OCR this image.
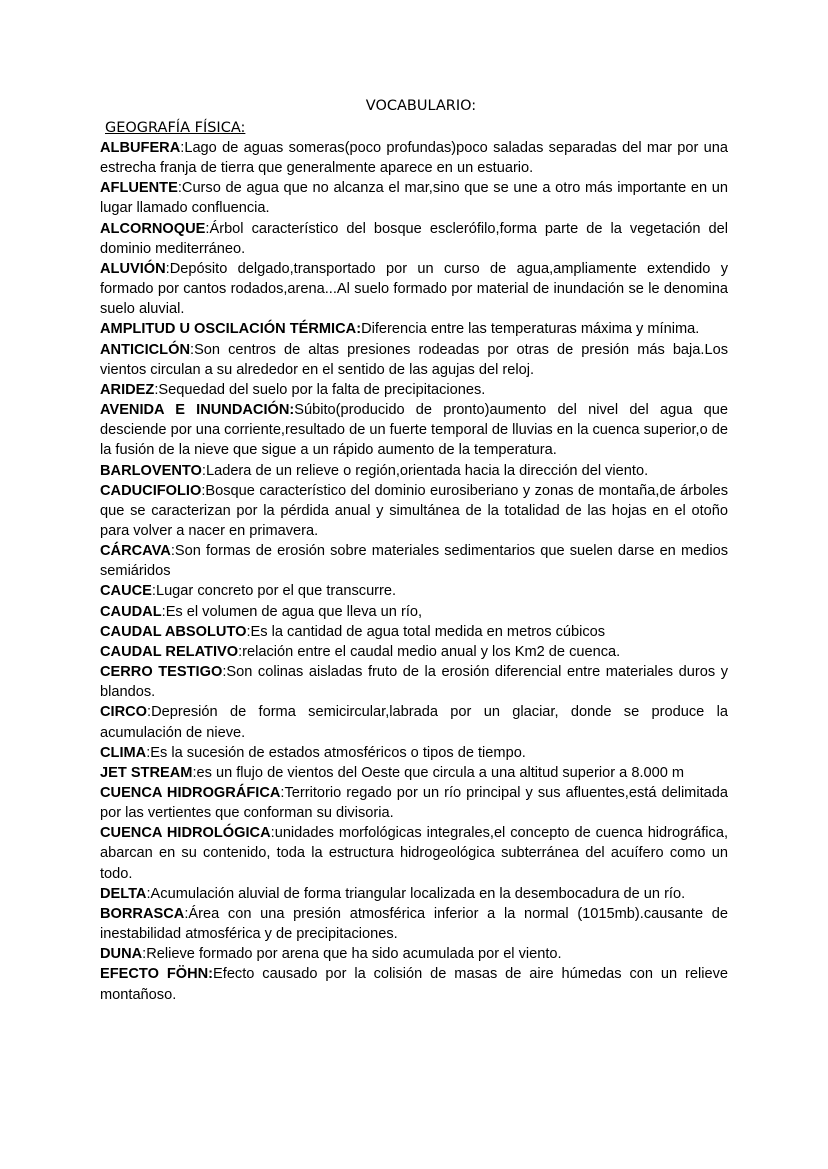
VOCABULARIO:
GEOGRAFÍA FÍSICA:
ALBUFERA:Lago de aguas someras(poco profundas)poco saladas separadas del mar por una estrecha franja de tierra que generalmente aparece en un estuario.
AFLUENTE:Curso de agua que no alcanza el mar,sino que se une a otro más importante en un lugar llamado confluencia.
ALCORNOQUE:Árbol característico del bosque esclerófilo,forma parte de la vegetación del dominio mediterráneo.
ALUVIÓN:Depósito delgado,transportado por un curso de agua,ampliamente extendido y formado por cantos rodados,arena...Al suelo formado por material de inundación se le denomina suelo aluvial.
AMPLITUD U OSCILACIÓN TÉRMICA:Diferencia entre las temperaturas máxima y mínima.
ANTICICLÓN:Son centros de altas presiones rodeadas por otras de presión más baja.Los vientos circulan a su alrededor en el sentido de las agujas del reloj.
ARIDEZ:Sequedad del suelo por la falta de precipitaciones.
AVENIDA E INUNDACIÓN:Súbito(producido de pronto)aumento del nivel del agua que desciende por una corriente,resultado de un fuerte temporal de lluvias en la cuenca superior,o de la fusión de la nieve que sigue a un rápido aumento de la temperatura.
BARLOVENTO:Ladera de un relieve o región,orientada hacia la dirección del viento.
CADUCIFOLIO:Bosque característico del dominio eurosiberiano y zonas de montaña,de árboles que se caracterizan por la pérdida anual y simultánea de la totalidad de las hojas en el otoño para volver a nacer en primavera.
CÁRCAVA:Son formas de erosión sobre materiales sedimentarios que suelen darse en medios semiáridos
CAUCE:Lugar concreto por el que transcurre.
CAUDAL:Es el volumen de agua que lleva un río,
CAUDAL ABSOLUTO:Es la cantidad de agua total medida en metros cúbicos
CAUDAL RELATIVO:relación entre el caudal medio anual y los Km2 de cuenca.
CERRO TESTIGO:Son colinas aisladas fruto de la erosión diferencial entre materiales duros y blandos.
CIRCO:Depresión de forma semicircular,labrada por un glaciar, donde se produce la acumulación de nieve.
CLIMA:Es la sucesión de estados atmosféricos o tipos de tiempo.
JET STREAM:es un flujo de vientos del Oeste que circula a una altitud superior a 8.000 m
CUENCA HIDROGRÁFICA:Territorio regado por un río principal y sus afluentes,está delimitada por las vertientes que conforman su divisoria.
CUENCA HIDROLÓGICA:unidades morfológicas integrales,el concepto de cuenca hidrográfica, abarcan en su contenido, toda la estructura hidrogeológica subterránea del acuífero como un todo.
DELTA:Acumulación aluvial de forma triangular localizada en la desembocadura de un río.
BORRASCA:Área con una presión atmosférica inferior a la normal (1015mb).causante de inestabilidad atmosférica y de precipitaciones.
DUNA:Relieve formado por arena que ha sido acumulada por el viento.
EFECTO FÖHN:Efecto causado por la colisión de masas de aire húmedas con un relieve montañoso.
